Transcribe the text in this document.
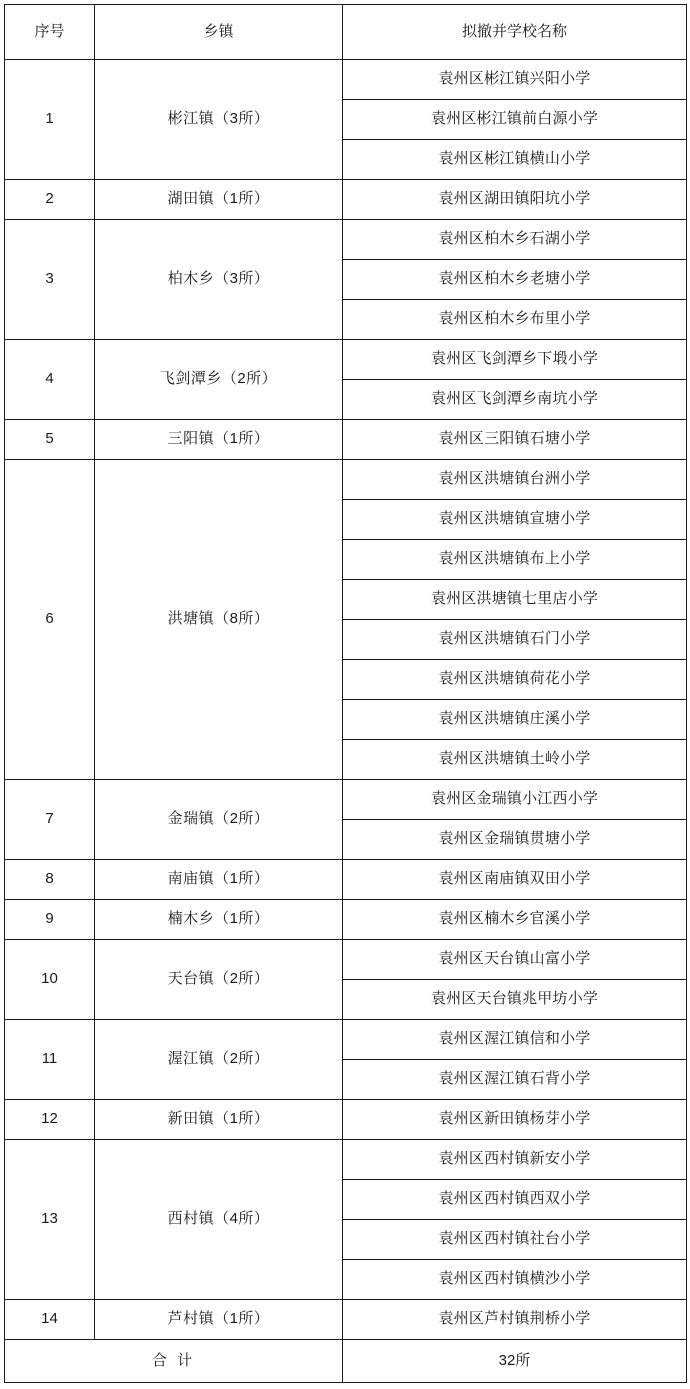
序号	乡镇	拟撤并学校名称
1	彬江镇（3所）	袁州区彬江镇兴阳小学
		袁州区彬江镇前白源小学
		袁州区彬江镇横山小学
2	湖田镇（1所）	袁州区湖田镇阳坑小学
3	柏木乡（3所）	袁州区柏木乡石湖小学
		袁州区柏木乡老塘小学
		袁州区柏木乡布里小学
4	飞剑潭乡（2所）	袁州区飞剑潭乡下塅小学
		袁州区飞剑潭乡南坑小学
5	三阳镇（1所）	袁州区三阳镇石塘小学
6	洪塘镇（8所）	袁州区洪塘镇台洲小学
		袁州区洪塘镇宣塘小学
		袁州区洪塘镇布上小学
		袁州区洪塘镇七里店小学
		袁州区洪塘镇石门小学
		袁州区洪塘镇荷花小学
		袁州区洪塘镇庄溪小学
		袁州区洪塘镇土岭小学
7	金瑞镇（2所）	袁州区金瑞镇小江西小学
		袁州区金瑞镇贯塘小学
8	南庙镇（1所）	袁州区南庙镇双田小学
9	楠木乡（1所）	袁州区楠木乡官溪小学
10	天台镇（2所）	袁州区天台镇山富小学
		袁州区天台镇兆甲坊小学
11	渥江镇（2所）	袁州区渥江镇信和小学
		袁州区渥江镇石背小学
12	新田镇（1所）	袁州区新田镇杨芽小学
13	西村镇（4所）	袁州区西村镇新安小学
		袁州区西村镇西双小学
		袁州区西村镇社台小学
		袁州区西村镇横沙小学
14	芦村镇（1所）	袁州区芦村镇荆桥小学
合 计		32所
